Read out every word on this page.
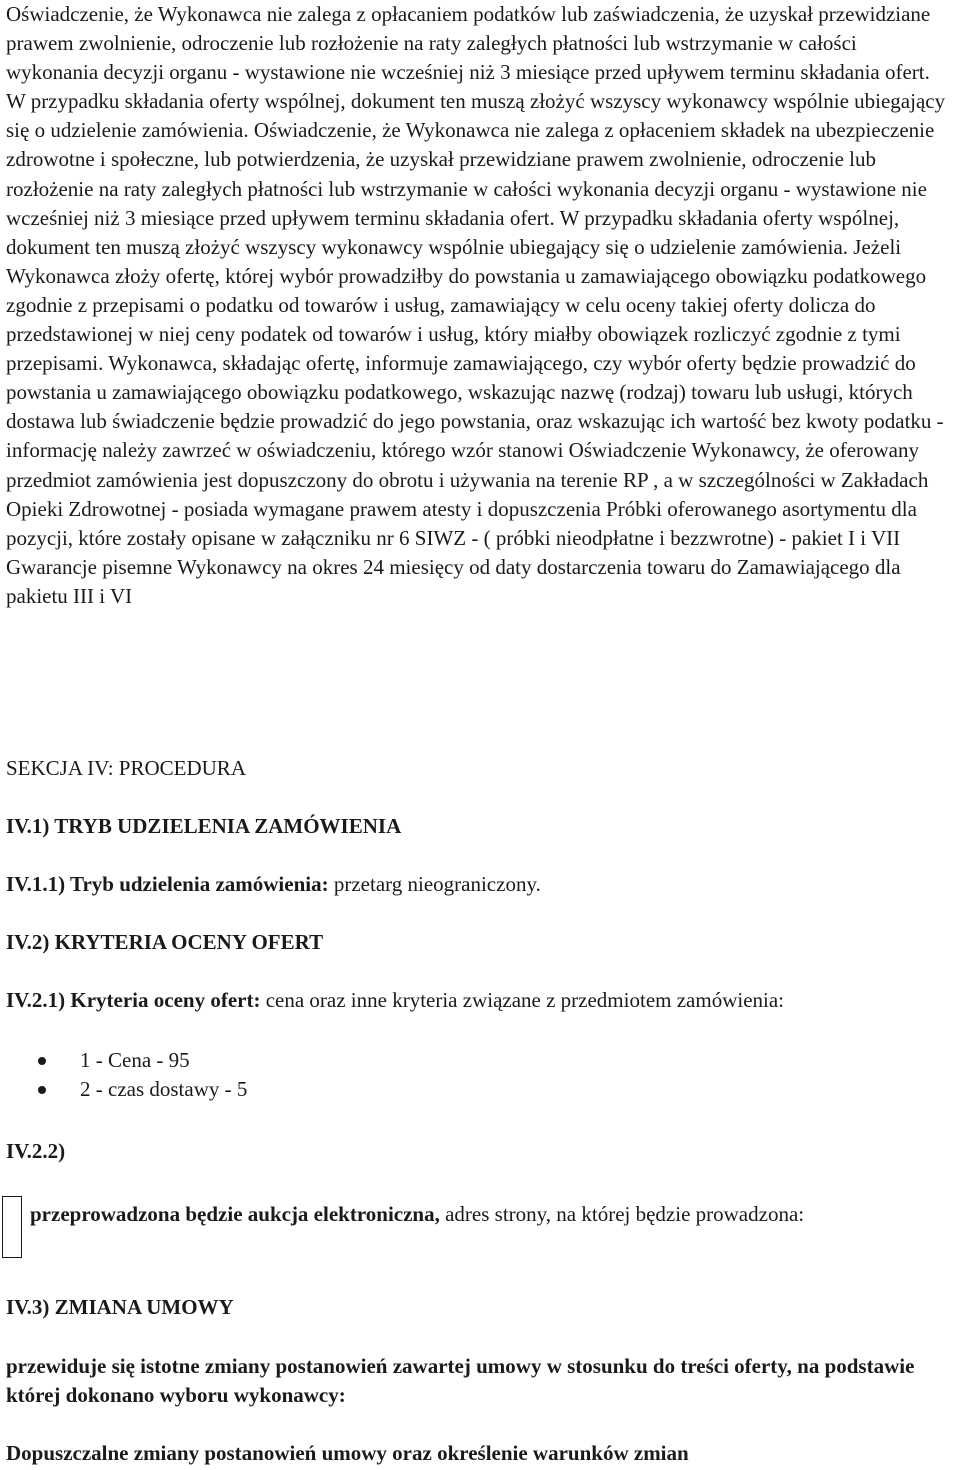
Oświadczenie, że Wykonawca nie zalega z opłacaniem podatków lub zaświadczenia, że uzyskał przewidziane prawem zwolnienie, odroczenie lub rozłożenie na raty zaległych płatności lub wstrzymanie w całości wykonania decyzji organu - wystawione nie wcześniej niż 3 miesiące przed upływem terminu składania ofert. W przypadku składania oferty wspólnej, dokument ten muszą złożyć wszyscy wykonawcy wspólnie ubiegający się o udzielenie zamówienia. Oświadczenie, że Wykonawca nie zalega z opłaceniem składek na ubezpieczenie zdrowotne i społeczne, lub potwierdzenia, że uzyskał przewidziane prawem zwolnienie, odroczenie lub rozłożenie na raty zaległych płatności lub wstrzymanie w całości wykonania decyzji organu - wystawione nie wcześniej niż 3 miesiące przed upływem terminu składania ofert. W przypadku składania oferty wspólnej, dokument ten muszą złożyć wszyscy wykonawcy wspólnie ubiegający się o udzielenie zamówienia. Jeżeli Wykonawca złoży ofertę, której wybór prowadziłby do powstania u zamawiającego obowiązku podatkowego zgodnie z przepisami o podatku od towarów i usług, zamawiający w celu oceny takiej oferty dolicza do przedstawionej w niej ceny podatek od towarów i usług, który miałby obowiązek rozliczyć zgodnie z tymi przepisami. Wykonawca, składając ofertę, informuje zamawiającego, czy wybór oferty będzie prowadzić do powstania u zamawiającego obowiązku podatkowego, wskazując nazwę (rodzaj) towaru lub usługi, których dostawa lub świadczenie będzie prowadzić do jego powstania, oraz wskazując ich wartość bez kwoty podatku - informację należy zawrzeć w oświadczeniu, którego wzór stanowi Oświadczenie Wykonawcy, że oferowany przedmiot zamówienia jest dopuszczony do obrotu i używania na terenie RP , a w szczególności w Zakładach Opieki Zdrowotnej - posiada wymagane prawem atesty i dopuszczenia Próbki oferowanego asortymentu dla pozycji, które zostały opisane w załączniku nr 6 SIWZ - ( próbki nieodpłatne i bezzwrotne) - pakiet I i VII Gwarancje pisemne Wykonawcy na okres 24 miesięcy od daty dostarczenia towaru do Zamawiającego dla pakietu III i VI

SEKCJA IV: PROCEDURA

IV.1) TRYB UDZIELENIA ZAMÓWIENIA

IV.1.1) Tryb udzielenia zamówienia: przetarg nieograniczony.

IV.2) KRYTERIA OCENY OFERT

IV.2.1) Kryteria oceny ofert: cena oraz inne kryteria związane z przedmiotem zamówienia:

1 - Cena - 95
2 - czas dostawy - 5

IV.2.2)

przeprowadzona będzie aukcja elektroniczna, adres strony, na której będzie prowadzona:

IV.3) ZMIANA UMOWY

przewiduje się istotne zmiany postanowień zawartej umowy w stosunku do treści oferty, na podstawie której dokonano wyboru wykonawcy:

Dopuszczalne zmiany postanowień umowy oraz określenie warunków zmian
